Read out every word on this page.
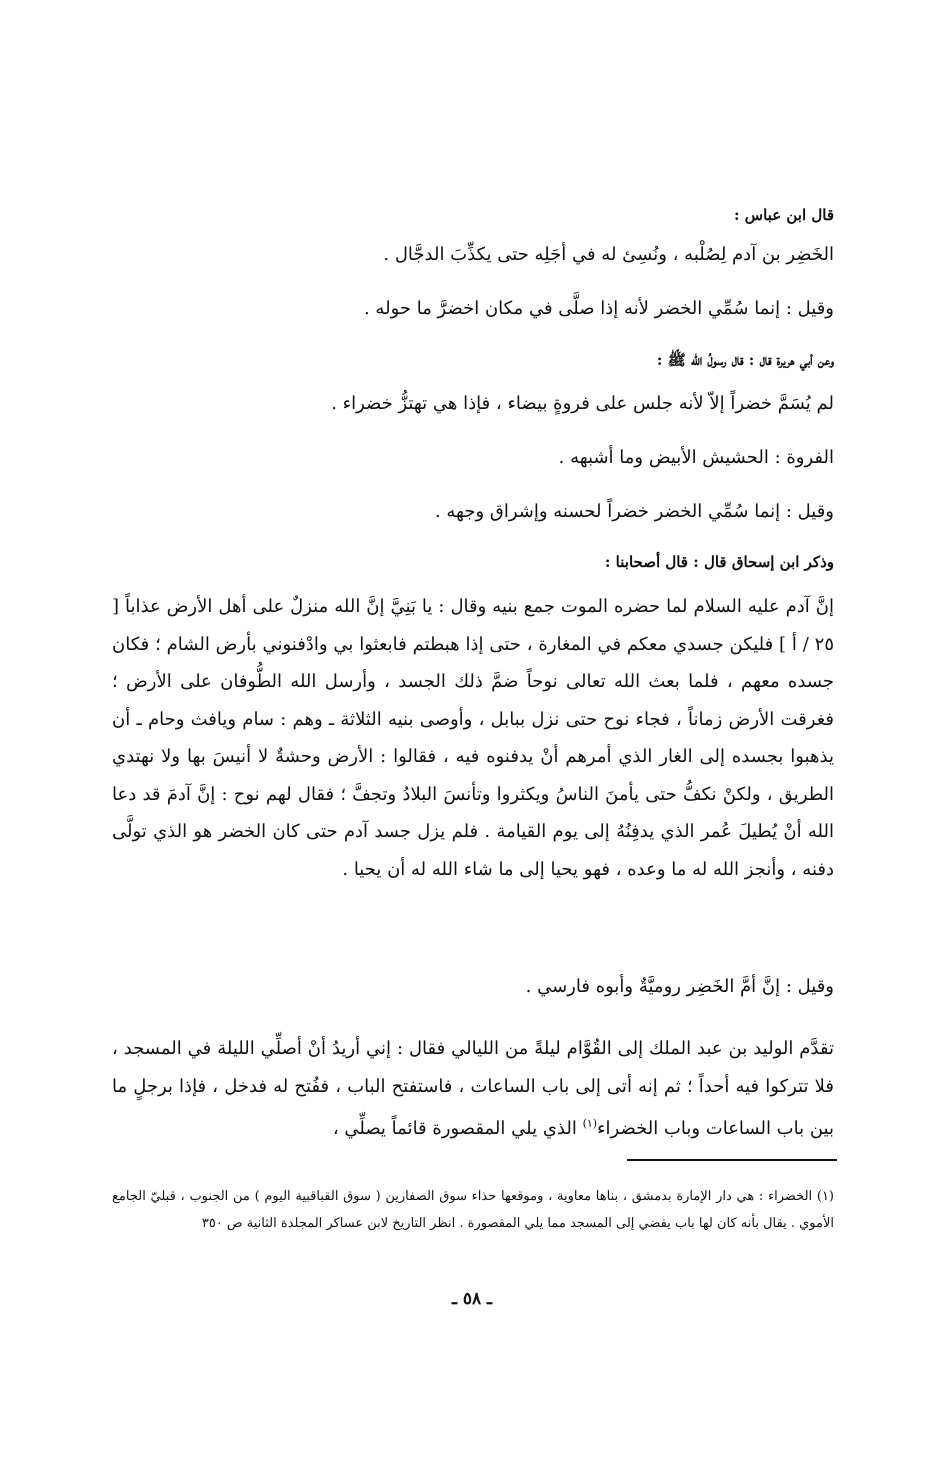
قال ابن عباس :
الخَضِر بن آدم لِصُلْبه ، ونُسِئ له في أجَلِه حتى يكذِّبَ الدجَّال .
وقيل : إنما سُمِّي الخضر لأنه إذا صلَّى في مكان اخضرَّ ما حوله .
وعن أبي هريرة قال : قال رسولُ الله ﷺ :
لم يُسَمَّ خضراً إلاّ لأنه جلس على فروةٍ بيضاء ، فإذا هي تهتزُّ خضراء .
الفروة : الحشيش الأبيض وما أشبهه .
وقيل : إنما سُمِّي الخضر خضراً لحسنه وإشراق وجهه .
وذكر ابن إسحاق قال : قال أصحابنا :
إنَّ آدم عليه السلام لما حضره الموت جمع بنيه وقال : يا بَنِيَّ إنَّ الله منزلٌ على أهل الأرض عذاباً [ ٢٥ / أ ] فليكن جسدي معكم في المغارة ، حتى إذا هبطتم فابعثوا بي وادْفنوني بأرض الشام ؛ فكان جسده معهم ، فلما بعث الله تعالى نوحاً ضمَّ ذلك الجسد ، وأرسل الله الطُّوفان على الأرض ؛ فغرقت الأرض زماناً ، فجاء نوح حتى نزل ببابل ، وأوصى بنيه الثلاثة ـ وهم : سام ويافث وحام ـ أن يذهبوا بجسده إلى الغار الذي أمرهم أنْ يدفنوه فيه ، فقالوا : الأرض وحشةٌ لا أنيسَ بها ولا نهتدي الطريق ، ولكنْ نكفُّ حتى يأمنَ الناسُ ويكثروا وتأنسَ البلادُ وتجفَّ ؛ فقال لهم نوح : إنَّ آدمَ قد دعا الله أنْ يُطيلَ عُمر الذي يدفِنُهُ إلى يوم القيامة . فلم يزل جسد آدم حتى كان الخضر هو الذي تولَّى دفنه ، وأنجز الله له ما وعده ، فهو يحيا إلى ما شاء الله له أن يحيا .
وقيل : إنَّ أمَّ الخَضِر روميَّةٌ وأبوه فارسي .
تقدَّم الوليد بن عبد الملك إلى القُوَّام ليلةً من الليالي فقال : إني أريدُ أنْ أصلِّي الليلة في المسجد ، فلا تتركوا فيه أحداً ؛ ثم إنه أتى إلى باب الساعات ، فاستفتح الباب ، ففُتح له فدخل ، فإذا برجلٍ ما بين باب الساعات وباب الخضراء$^{(١)}$ الذي يلي المقصورة قائماً يصلِّي ،
(١) الخضراء : هي دار الإمارة بدمشق ، بناها معاوية ، وموقعها حذاء سوق الصفارين ( سوق القباقبية اليوم ) من الجنوب ، قبليّ الجامع الأموي . يقال بأنه كان لها باب يفضي إلى المسجد مما يلي المقصورة . انظر التاريخ لابن عساكر المجلدة الثانية ص ٣٥٠
ـ ٥٨ ـ
